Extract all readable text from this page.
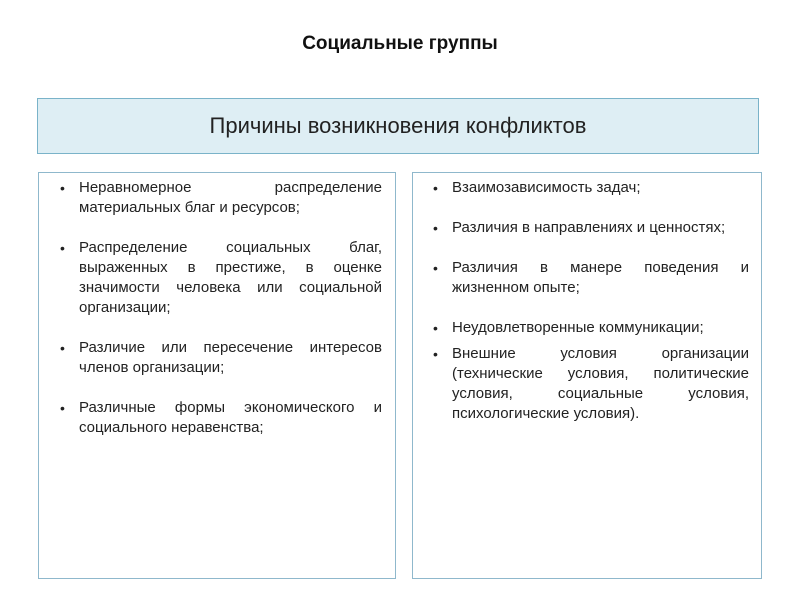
Социальные группы
Причины возникновения конфликтов
• Неравномерное распределение материальных благ и ресурсов;
• Распределение социальных благ, выраженных в престиже, в оценке значимости человека или социальной организации;
• Различие или пересечение интересов членов организации;
• Различные формы экономического и социального неравенства;
• Взаимозависимость задач;
• Различия в направлениях и ценностях;
• Различия в манере поведения и жизненном опыте;
• Неудовлетворенные коммуникации;
• Внешние условия организации (технические условия, политические условия, социальные условия, психологические условия).
